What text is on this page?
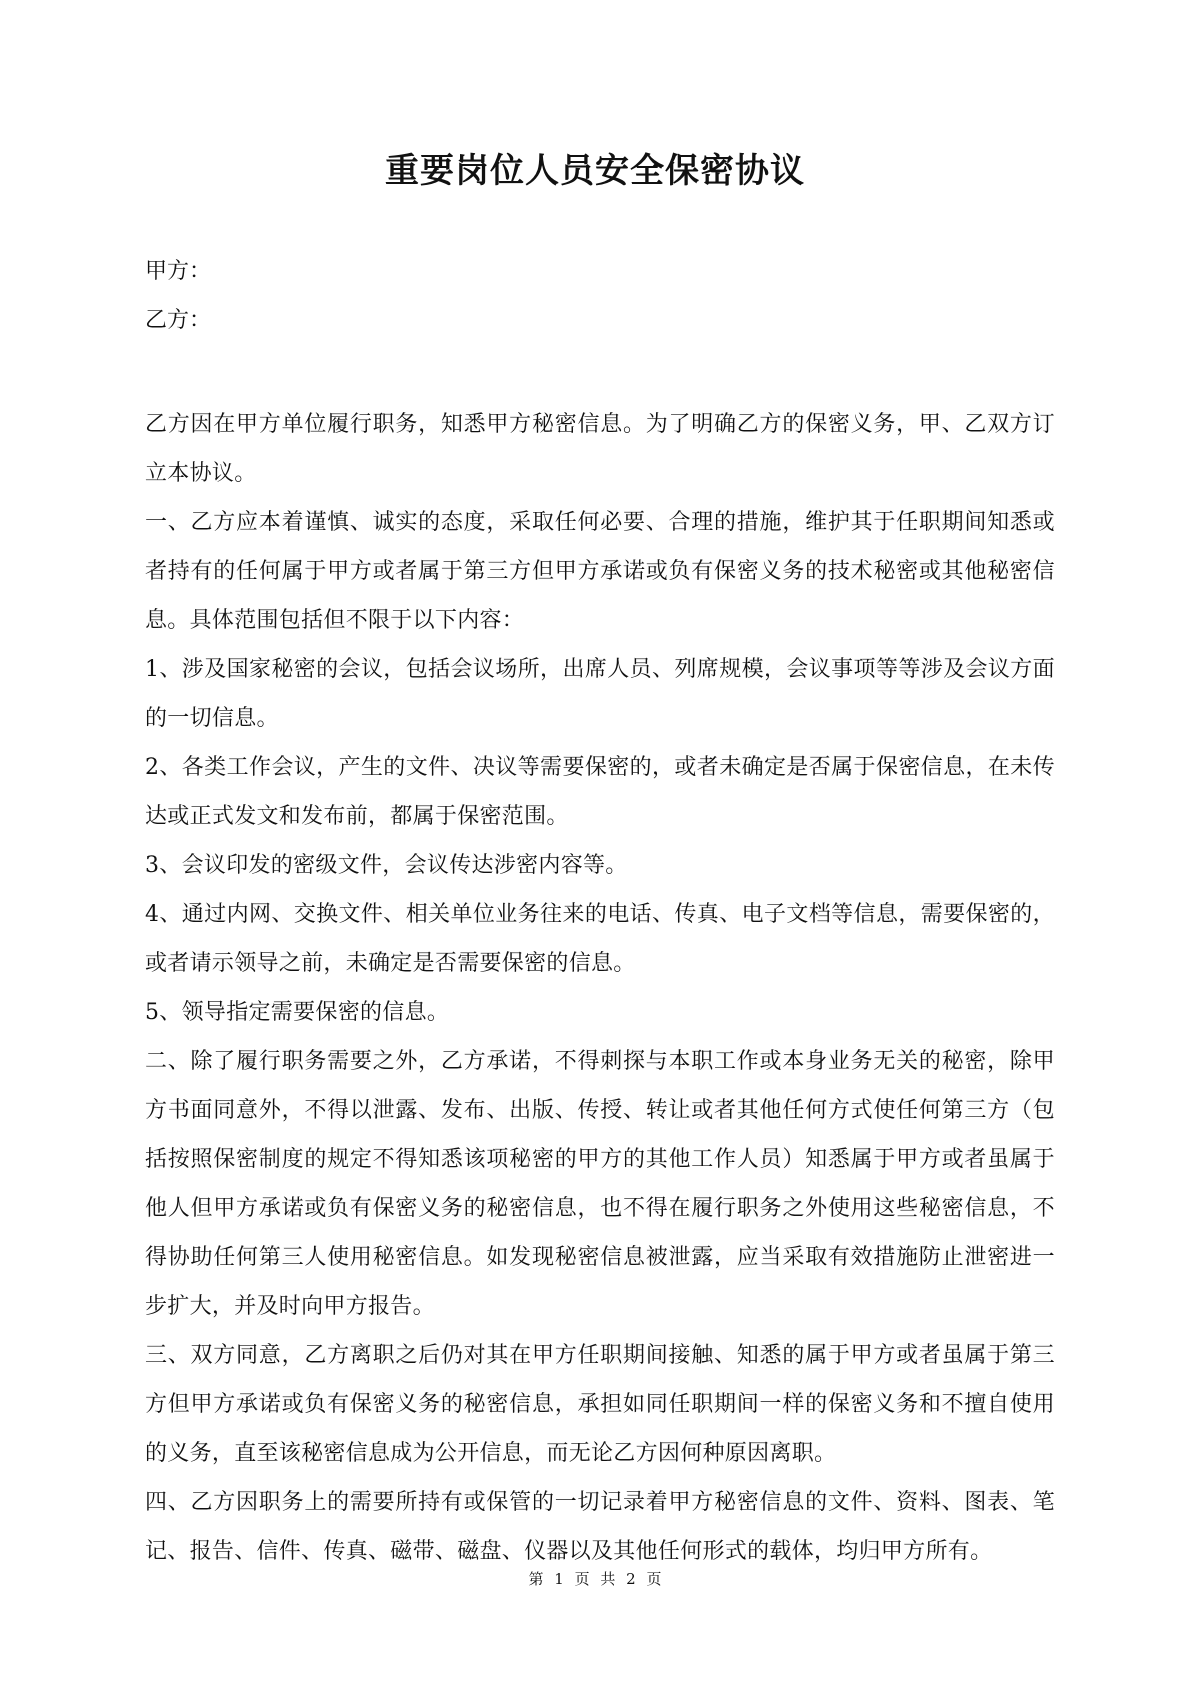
重要岗位人员安全保密协议

甲方：

乙方：

乙方因在甲方单位履行职务，知悉甲方秘密信息。为了明确乙方的保密义务，甲、乙双方订立本协议。

一、乙方应本着谨慎、诚实的态度，采取任何必要、合理的措施，维护其于任职期间知悉或者持有的任何属于甲方或者属于第三方但甲方承诺或负有保密义务的技术秘密或其他秘密信息。具体范围包括但不限于以下内容：

1、涉及国家秘密的会议，包括会议场所，出席人员、列席规模，会议事项等等涉及会议方面的一切信息。

2、各类工作会议，产生的文件、决议等需要保密的，或者未确定是否属于保密信息，在未传达或正式发文和发布前，都属于保密范围。

3、会议印发的密级文件，会议传达涉密内容等。

4、通过内网、交换文件、相关单位业务往来的电话、传真、电子文档等信息，需要保密的，或者请示领导之前，未确定是否需要保密的信息。

5、领导指定需要保密的信息。

二、除了履行职务需要之外，乙方承诺，不得刺探与本职工作或本身业务无关的秘密，除甲方书面同意外，不得以泄露、发布、出版、传授、转让或者其他任何方式使任何第三方（包括按照保密制度的规定不得知悉该项秘密的甲方的其他工作人员）知悉属于甲方或者虽属于他人但甲方承诺或负有保密义务的秘密信息，也不得在履行职务之外使用这些秘密信息，不得协助任何第三人使用秘密信息。如发现秘密信息被泄露，应当采取有效措施防止泄密进一步扩大，并及时向甲方报告。

三、双方同意，乙方离职之后仍对其在甲方任职期间接触、知悉的属于甲方或者虽属于第三方但甲方承诺或负有保密义务的秘密信息，承担如同任职期间一样的保密义务和不擅自使用的义务，直至该秘密信息成为公开信息，而无论乙方因何种原因离职。

四、乙方因职务上的需要所持有或保管的一切记录着甲方秘密信息的文件、资料、图表、笔记、报告、信件、传真、磁带、磁盘、仪器以及其他任何形式的载体，均归甲方所有。

第 1 页 共 2 页
